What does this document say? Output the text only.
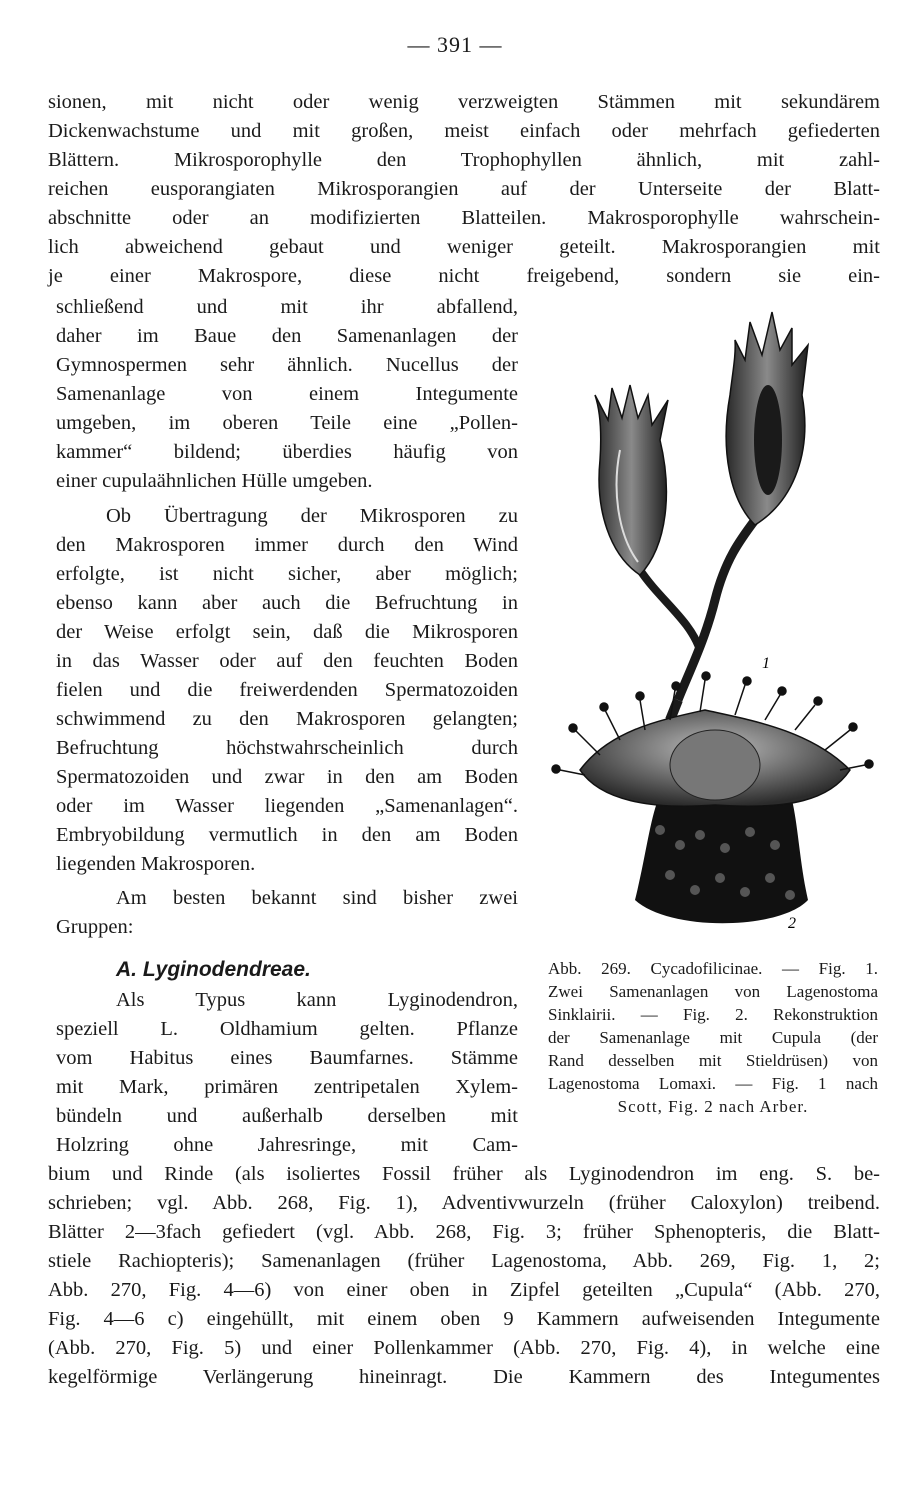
— 391 —
sionen, mit nicht oder wenig verzweigten Stämmen mit sekundärem
Dickenwachstume und mit großen, meist einfach oder mehrfach gefiederten
Blättern. Mikrosporophylle den Trophophyllen ähnlich, mit zahl-
reichen eusporangiaten Mikrosporangien auf der Unterseite der Blatt-
abschnitte oder an modifizierten Blatteilen. Makrosporophylle wahrschein-
lich abweichend gebaut und weniger geteilt. Makrosporangien mit
je einer Makrospore, diese nicht freigebend, sondern sie ein-
schließend und mit ihr abfallend,
daher im Baue den Samenanlagen der
Gymnospermen sehr ähnlich. Nucellus der
Samenanlage von einem Integumente
umgeben, im oberen Teile eine „Pollen-
kammer“ bildend; überdies häufig von
einer cupulaähnlichen Hülle umgeben.
Ob Übertragung der Mikrosporen zu
den Makrosporen immer durch den Wind
erfolgte, ist nicht sicher, aber möglich;
ebenso kann aber auch die Befruchtung in
der Weise erfolgt sein, daß die Mikrosporen
in das Wasser oder auf den feuchten Boden
fielen und die freiwerdenden Spermatozoiden
schwimmend zu den Makrosporen gelangten;
Befruchtung höchstwahrscheinlich durch
Spermatozoiden und zwar in den am Boden
oder im Wasser liegenden „Samenanlagen“.
Embryobildung vermutlich in den am Boden
liegenden Makrosporen.
Am besten bekannt sind bisher zwei
Gruppen:
A. Lyginodendreae.
Als Typus kann Lyginodendron,
speziell L. Oldhamium gelten. Pflanze
vom Habitus eines Baumfarnes. Stämme
mit Mark, primären zentripetalen Xylem-
bündeln und außerhalb derselben mit
Holzring ohne Jahresringe, mit Cam-
bium und Rinde (als isoliertes Fossil früher als Lyginodendron im eng. S. be-
schrieben; vgl. Abb. 268, Fig. 1), Adventivwurzeln (früher Caloxylon) treibend.
Blätter 2—3fach gefiedert (vgl. Abb. 268, Fig. 3; früher Sphenopteris, die Blatt-
stiele Rachiopteris); Samenanlagen (früher Lagenostoma, Abb. 269, Fig. 1, 2;
Abb. 270, Fig. 4—6) von einer oben in Zipfel geteilten „Cupula“ (Abb. 270,
Fig. 4—6 c) eingehüllt, mit einem oben 9 Kammern aufweisenden Integumente
(Abb. 270, Fig. 5) und einer Pollenkammer (Abb. 270, Fig. 4), in welche eine
kegelförmige Verlängerung hineinragt. Die Kammern des Integumentes
1
2
Abb. 269. Cycadofilicinae. — Fig. 1.
Zwei Samenanlagen von Lagenostoma
Sinklairii. — Fig. 2. Rekonstruktion
der Samenanlage mit Cupula (der
Rand desselben mit Stieldrüsen) von
Lagenostoma Lomaxi. — Fig. 1 nach
Scott, Fig. 2 nach Arber.
